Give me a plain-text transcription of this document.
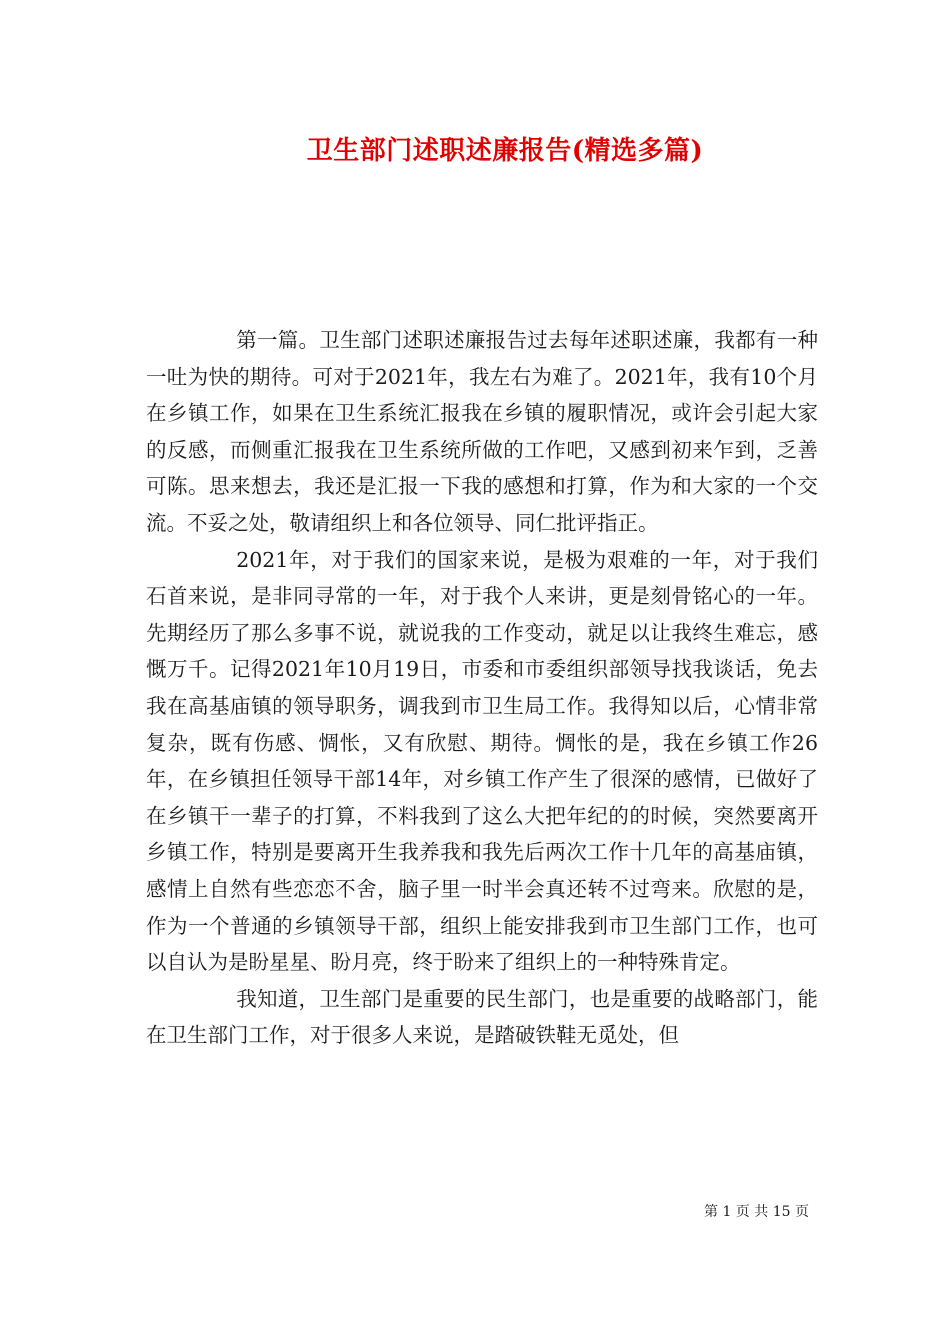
卫生部门述职述廉报告(精选多篇)

第一篇。卫生部门述职述廉报告过去每年述职述廉，我都有一种一吐为快的期待。可对于2021年，我左右为难了。2021年，我有10个月在乡镇工作，如果在卫生系统汇报我在乡镇的履职情况，或许会引起大家的反感，而侧重汇报我在卫生系统所做的工作吧，又感到初来乍到，乏善可陈。思来想去，我还是汇报一下我的感想和打算，作为和大家的一个交流。不妥之处，敬请组织上和各位领导、同仁批评指正。

2021年，对于我们的国家来说，是极为艰难的一年，对于我们石首来说，是非同寻常的一年，对于我个人来讲，更是刻骨铭心的一年。先期经历了那么多事不说，就说我的工作变动，就足以让我终生难忘，感慨万千。记得2021年10月19日，市委和市委组织部领导找我谈话，免去我在高基庙镇的领导职务，调我到市卫生局工作。我得知以后，心情非常复杂，既有伤感、惆怅，又有欣慰、期待。惆怅的是，我在乡镇工作26年，在乡镇担任领导干部14年，对乡镇工作产生了很深的感情，已做好了在乡镇干一辈子的打算，不料我到了这么大把年纪的的时候，突然要离开乡镇工作，特别是要离开生我养我和我先后两次工作十几年的高基庙镇，感情上自然有些恋恋不舍，脑子里一时半会真还转不过弯来。欣慰的是，作为一个普通的乡镇领导干部，组织上能安排我到市卫生部门工作，也可以自认为是盼星星、盼月亮，终于盼来了组织上的一种特殊肯定。

我知道，卫生部门是重要的民生部门，也是重要的战略部门，能在卫生部门工作，对于很多人来说，是踏破铁鞋无觅处，但

第 1 页 共 15 页
